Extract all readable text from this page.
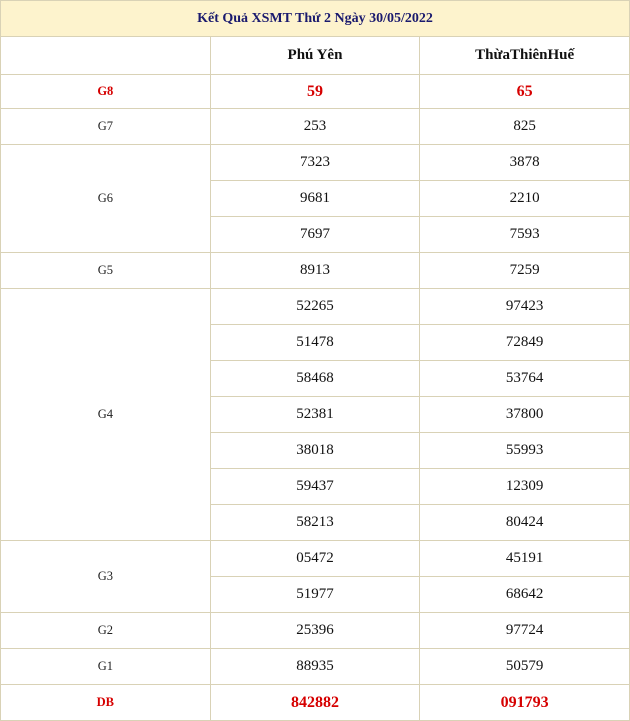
Kết Quả XSMT Thứ 2 Ngày 30/05/2022		
	Phú Yên	ThừaThiênHuế
G8	59	65
G7	253	825
G6	7323	3878
	9681	2210
	7697	7593
G5	8913	7259
G4	52265	97423
	51478	72849
	58468	53764
	52381	37800
	38018	55993
	59437	12309
	58213	80424
G3	05472	45191
	51977	68642
G2	25396	97724
G1	88935	50579
DB	842882	091793
